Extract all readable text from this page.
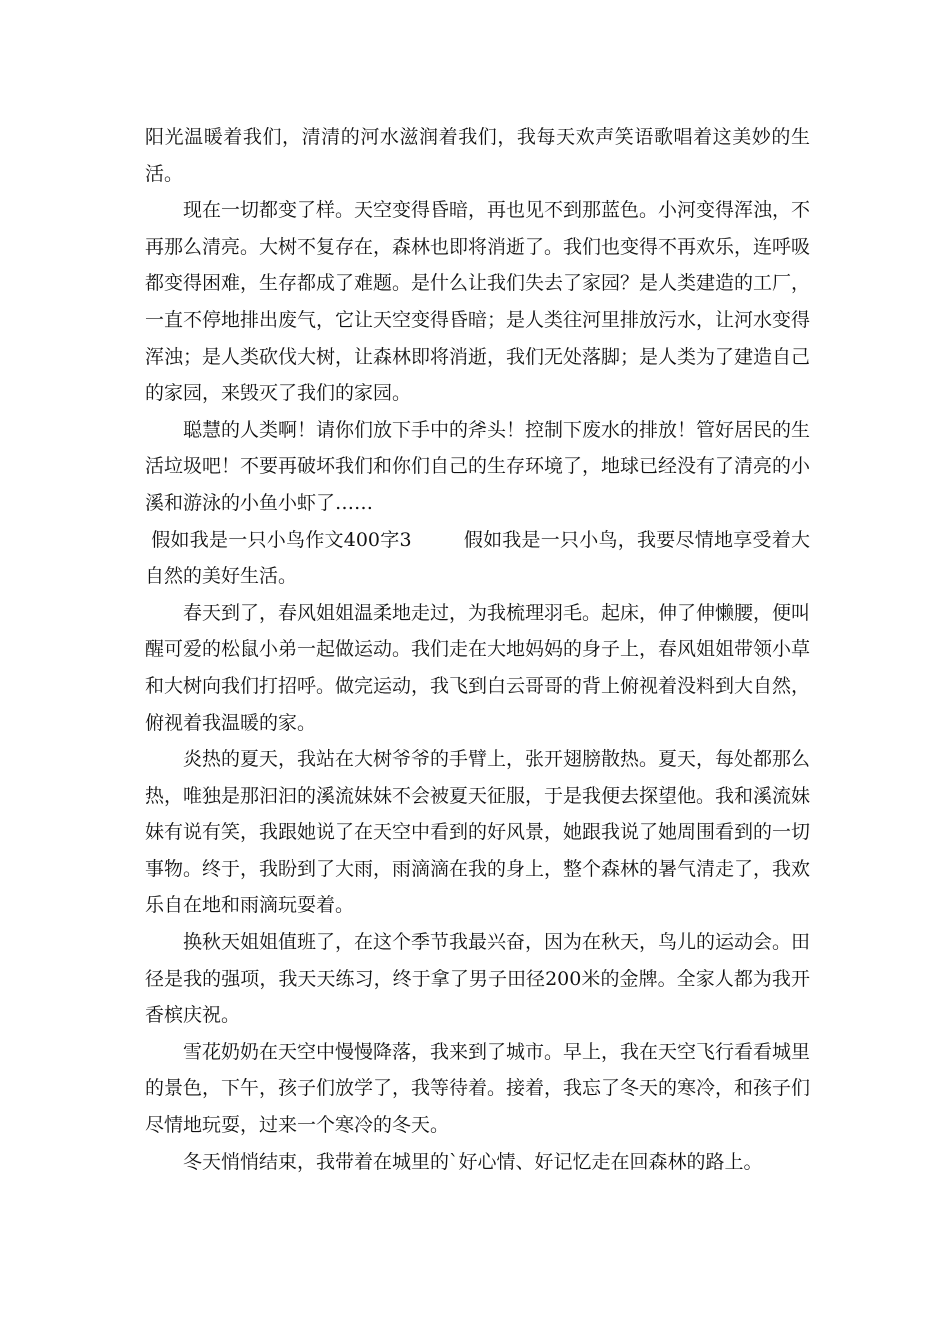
阳光温暖着我们，清清的河水滋润着我们，我每天欢声笑语歌唱着这美妙的生活。

现在一切都变了样。天空变得昏暗，再也见不到那蓝色。小河变得浑浊，不再那么清亮。大树不复存在，森林也即将消逝了。我们也变得不再欢乐，连呼吸都变得困难，生存都成了难题。是什么让我们失去了家园？是人类建造的工厂，一直不停地排出废气，它让天空变得昏暗；是人类往河里排放污水，让河水变得浑浊；是人类砍伐大树，让森林即将消逝，我们无处落脚；是人类为了建造自己的家园，来毁灭了我们的家园。

聪慧的人类啊！请你们放下手中的斧头！控制下废水的排放！管好居民的生活垃圾吧！不要再破坏我们和你们自己的生存环境了，地球已经没有了清亮的小溪和游泳的小鱼小虾了……

假如我是一只小鸟作文400字3	假如我是一只小鸟，我要尽情地享受着大自然的美好生活。

春天到了，春风姐姐温柔地走过，为我梳理羽毛。起床，伸了伸懒腰，便叫醒可爱的松鼠小弟一起做运动。我们走在大地妈妈的身子上，春风姐姐带领小草和大树向我们打招呼。做完运动，我飞到白云哥哥的背上俯视着没料到大自然，俯视着我温暖的家。

炎热的夏天，我站在大树爷爷的手臂上，张开翅膀散热。夏天，每处都那么热，唯独是那汩汩的溪流妹妹不会被夏天征服，于是我便去探望他。我和溪流妹妹有说有笑，我跟她说了在天空中看到的好风景，她跟我说了她周围看到的一切事物。终于，我盼到了大雨，雨滴滴在我的身上，整个森林的暑气清走了，我欢乐自在地和雨滴玩耍着。

换秋天姐姐值班了，在这个季节我最兴奋，因为在秋天，鸟儿的运动会。田径是我的强项，我天天练习，终于拿了男子田径200米的金牌。全家人都为我开香槟庆祝。

雪花奶奶在天空中慢慢降落，我来到了城市。早上，我在天空飞行看看城里的景色，下午，孩子们放学了，我等待着。接着，我忘了冬天的寒冷，和孩子们尽情地玩耍，过来一个寒冷的冬天。

冬天悄悄结束，我带着在城里的`好心情、好记忆走在回森林的路上。
